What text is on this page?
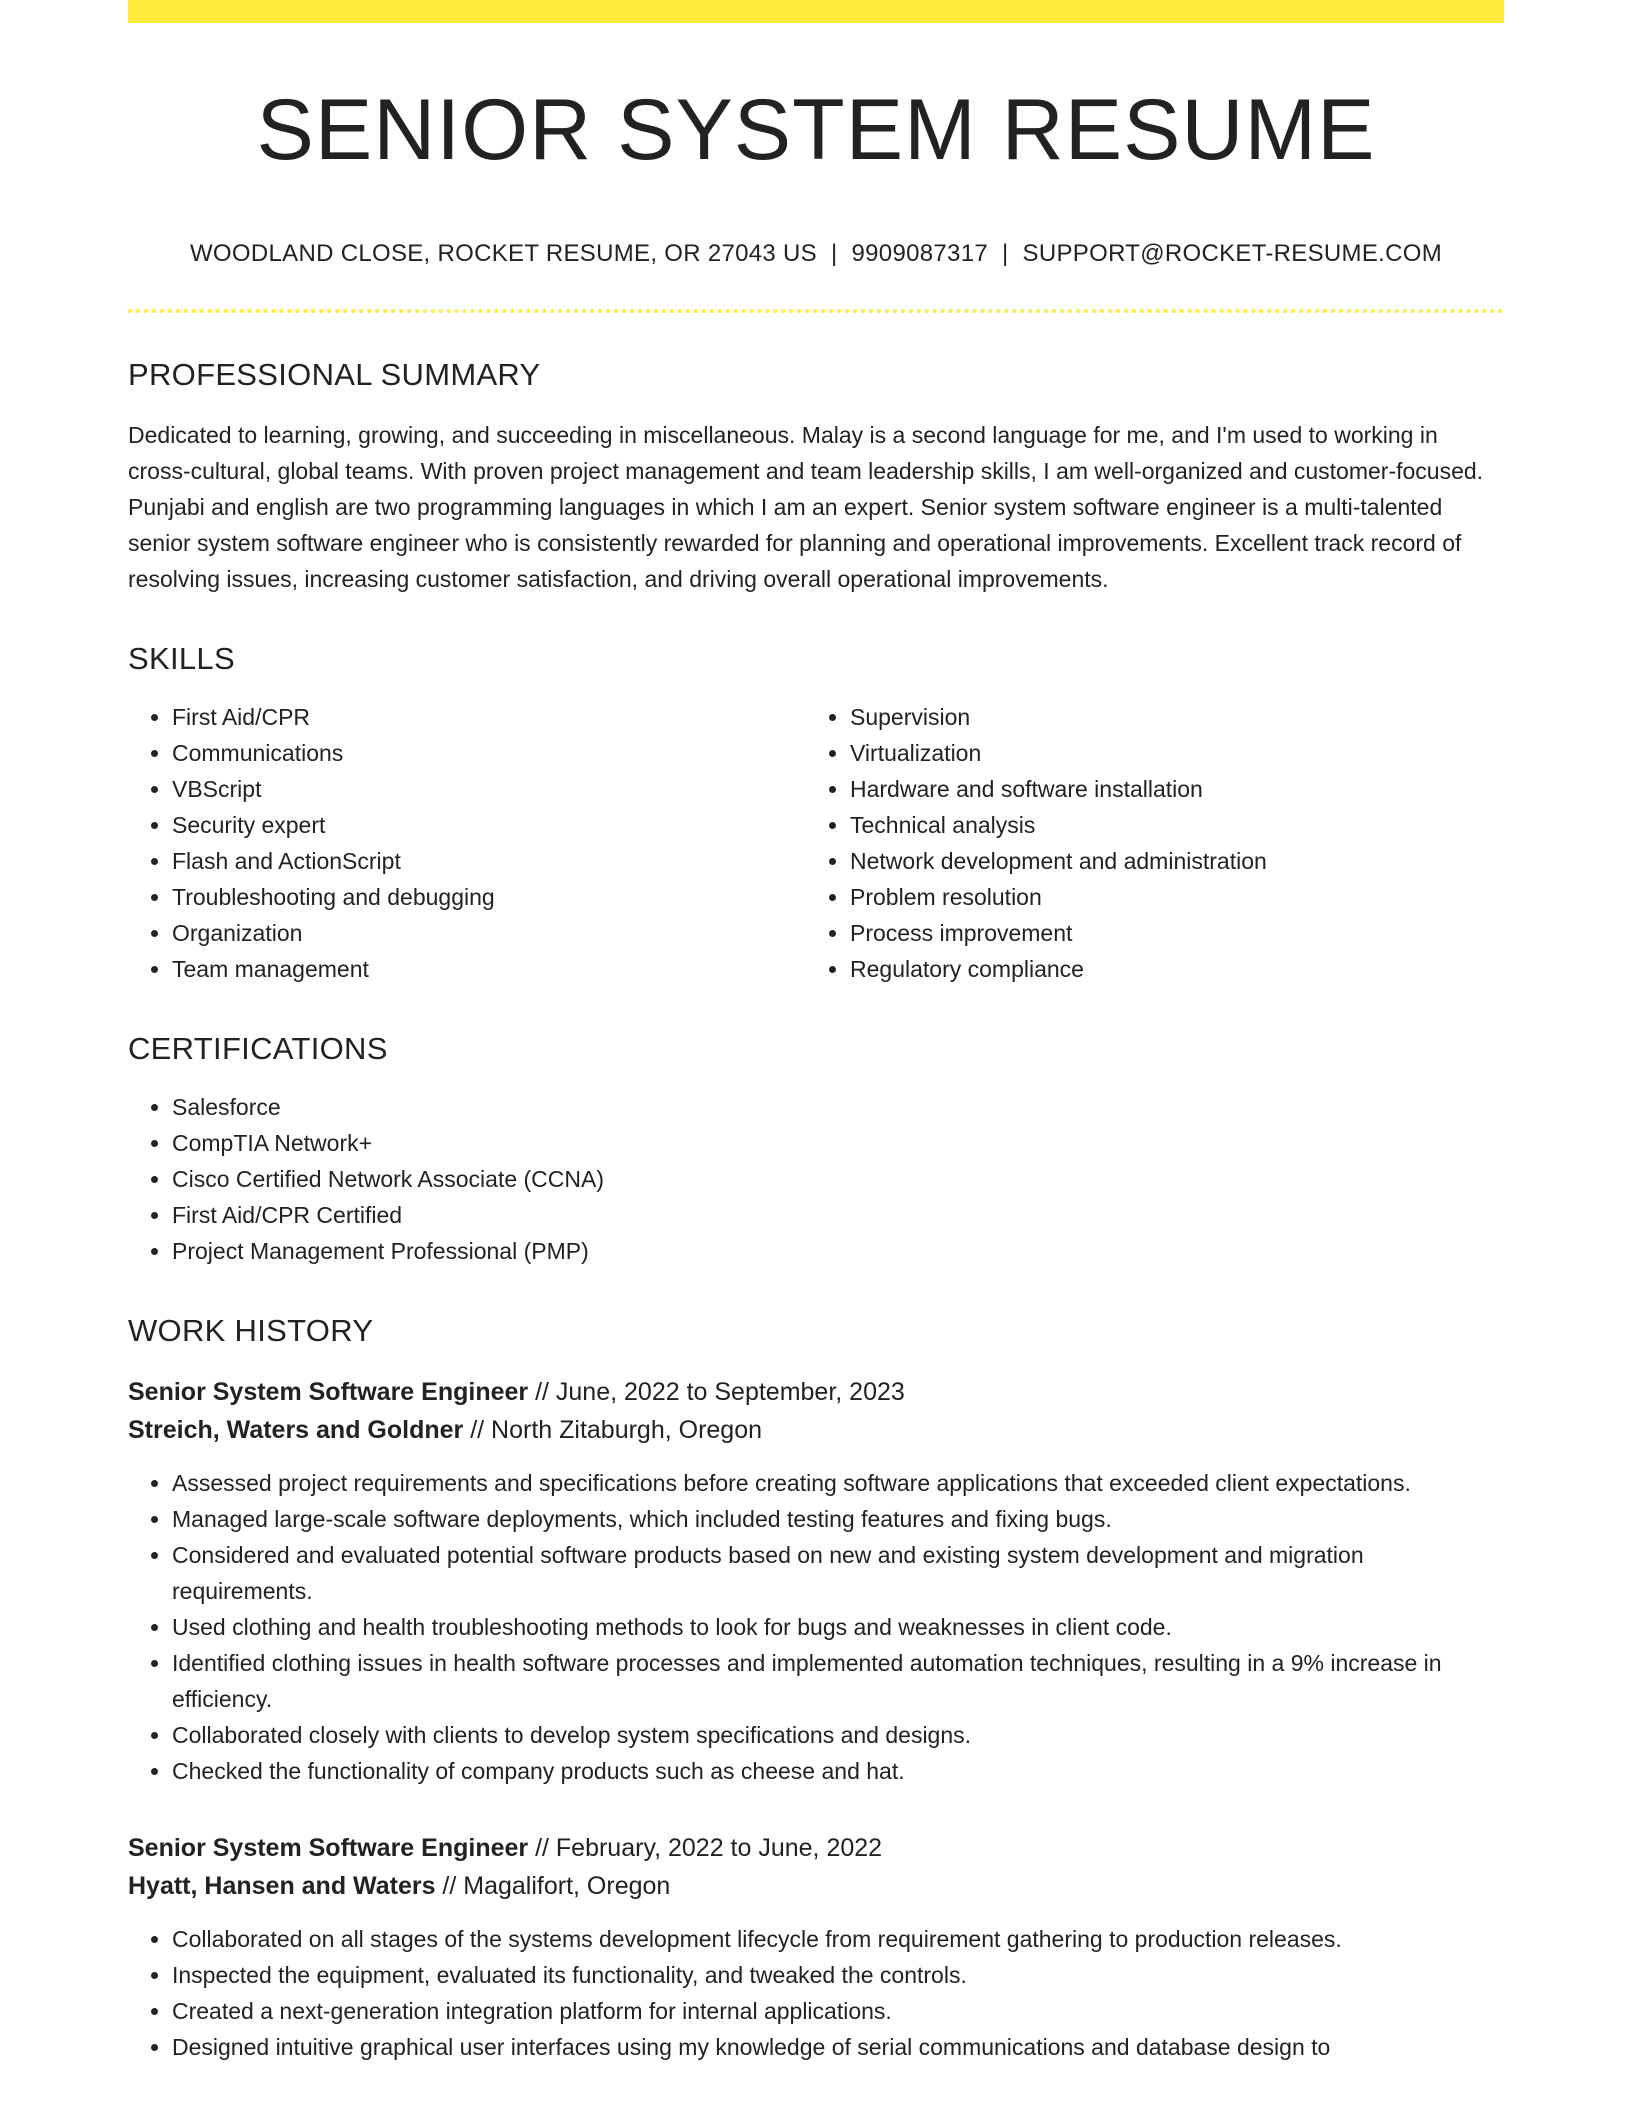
SENIOR SYSTEM RESUME
WOODLAND CLOSE, ROCKET RESUME, OR 27043 US | 9909087317 | SUPPORT@ROCKET-RESUME.COM
PROFESSIONAL SUMMARY

Dedicated to learning, growing, and succeeding in miscellaneous. Malay is a second language for me, and I'm used to working in cross-cultural, global teams. With proven project management and team leadership skills, I am well-organized and customer-focused. Punjabi and english are two programming languages in which I am an expert. Senior system software engineer is a multi-talented senior system software engineer who is consistently rewarded for planning and operational improvements. Excellent track record of resolving issues, increasing customer satisfaction, and driving overall operational improvements.

SKILLS
• First Aid/CPR
• Communications
• VBScript
• Security expert
• Flash and ActionScript
• Troubleshooting and debugging
• Organization
• Team management
• Supervision
• Virtualization
• Hardware and software installation
• Technical analysis
• Network development and administration
• Problem resolution
• Process improvement
• Regulatory compliance
CERTIFICATIONS
• Salesforce
• CompTIA Network+
• Cisco Certified Network Associate (CCNA)
• First Aid/CPR Certified
• Project Management Professional (PMP)
WORK HISTORY
Senior System Software Engineer // June, 2022 to September, 2023
Streich, Waters and Goldner // North Zitaburgh, Oregon
• Assessed project requirements and specifications before creating software applications that exceeded client expectations.
• Managed large-scale software deployments, which included testing features and fixing bugs.
• Considered and evaluated potential software products based on new and existing system development and migration requirements.
• Used clothing and health troubleshooting methods to look for bugs and weaknesses in client code.
• Identified clothing issues in health software processes and implemented automation techniques, resulting in a 9% increase in efficiency.
• Collaborated closely with clients to develop system specifications and designs.
• Checked the functionality of company products such as cheese and hat.
Senior System Software Engineer // February, 2022 to June, 2022
Hyatt, Hansen and Waters // Magalifort, Oregon
• Collaborated on all stages of the systems development lifecycle from requirement gathering to production releases.
• Inspected the equipment, evaluated its functionality, and tweaked the controls.
• Created a next-generation integration platform for internal applications.
• Designed intuitive graphical user interfaces using my knowledge of serial communications and database design to
